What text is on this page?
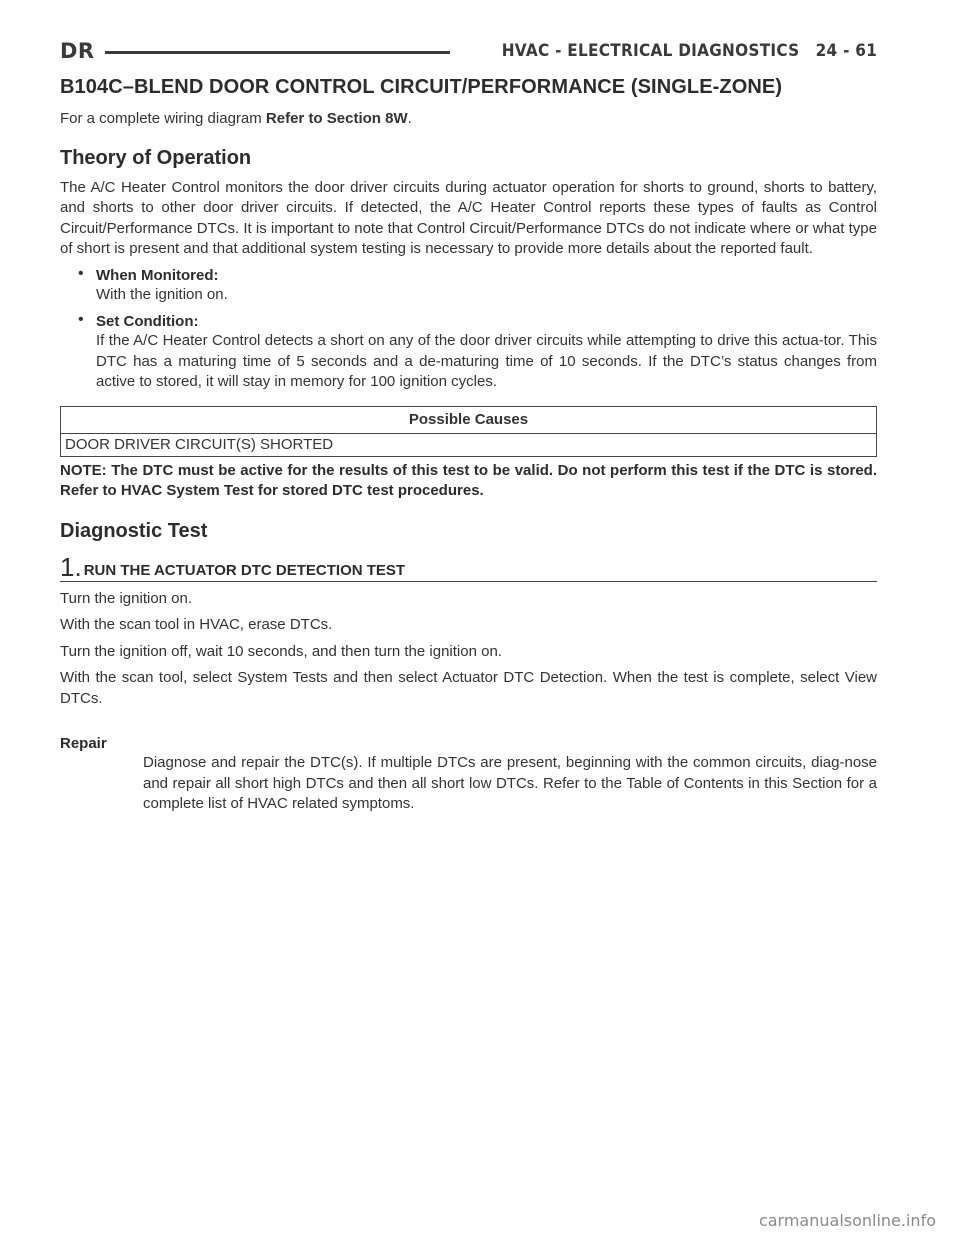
DR	HVAC - ELECTRICAL DIAGNOSTICS 24 - 61
B104C–BLEND DOOR CONTROL CIRCUIT/PERFORMANCE (SINGLE-ZONE)

For a complete wiring diagram Refer to Section 8W.

Theory of Operation

The A/C Heater Control monitors the door driver circuits during actuator operation for shorts to ground, shorts to battery, and shorts to other door driver circuits. If detected, the A/C Heater Control reports these types of faults as Control Circuit/Performance DTCs. It is important to note that Control Circuit/Performance DTCs do not indicate where or what type of short is present and that additional system testing is necessary to provide more details about the reported fault.

• When Monitored:
With the ignition on.
• Set Condition:
If the A/C Heater Control detects a short on any of the door driver circuits while attempting to drive this actua-tor. This DTC has a maturing time of 5 seconds and a de-maturing time of 10 seconds. If the DTC’s status changes from active to stored, it will stay in memory for 100 ignition cycles.
Possible Causes
DOOR DRIVER CIRCUIT(S) SHORTED

NOTE: The DTC must be active for the results of this test to be valid. Do not perform this test if the DTC is stored. Refer to HVAC System Test for stored DTC test procedures.

Diagnostic Test
1. RUN THE ACTUATOR DTC DETECTION TEST

Turn the ignition on.

With the scan tool in HVAC, erase DTCs.

Turn the ignition off, wait 10 seconds, and then turn the ignition on.

With the scan tool, select System Tests and then select Actuator DTC Detection. When the test is complete, select View DTCs.

Repair

Diagnose and repair the DTC(s). If multiple DTCs are present, beginning with the common circuits, diag-nose and repair all short high DTCs and then all short low DTCs. Refer to the Table of Contents in this Section for a complete list of HVAC related symptoms.

carmanualsonline.info
